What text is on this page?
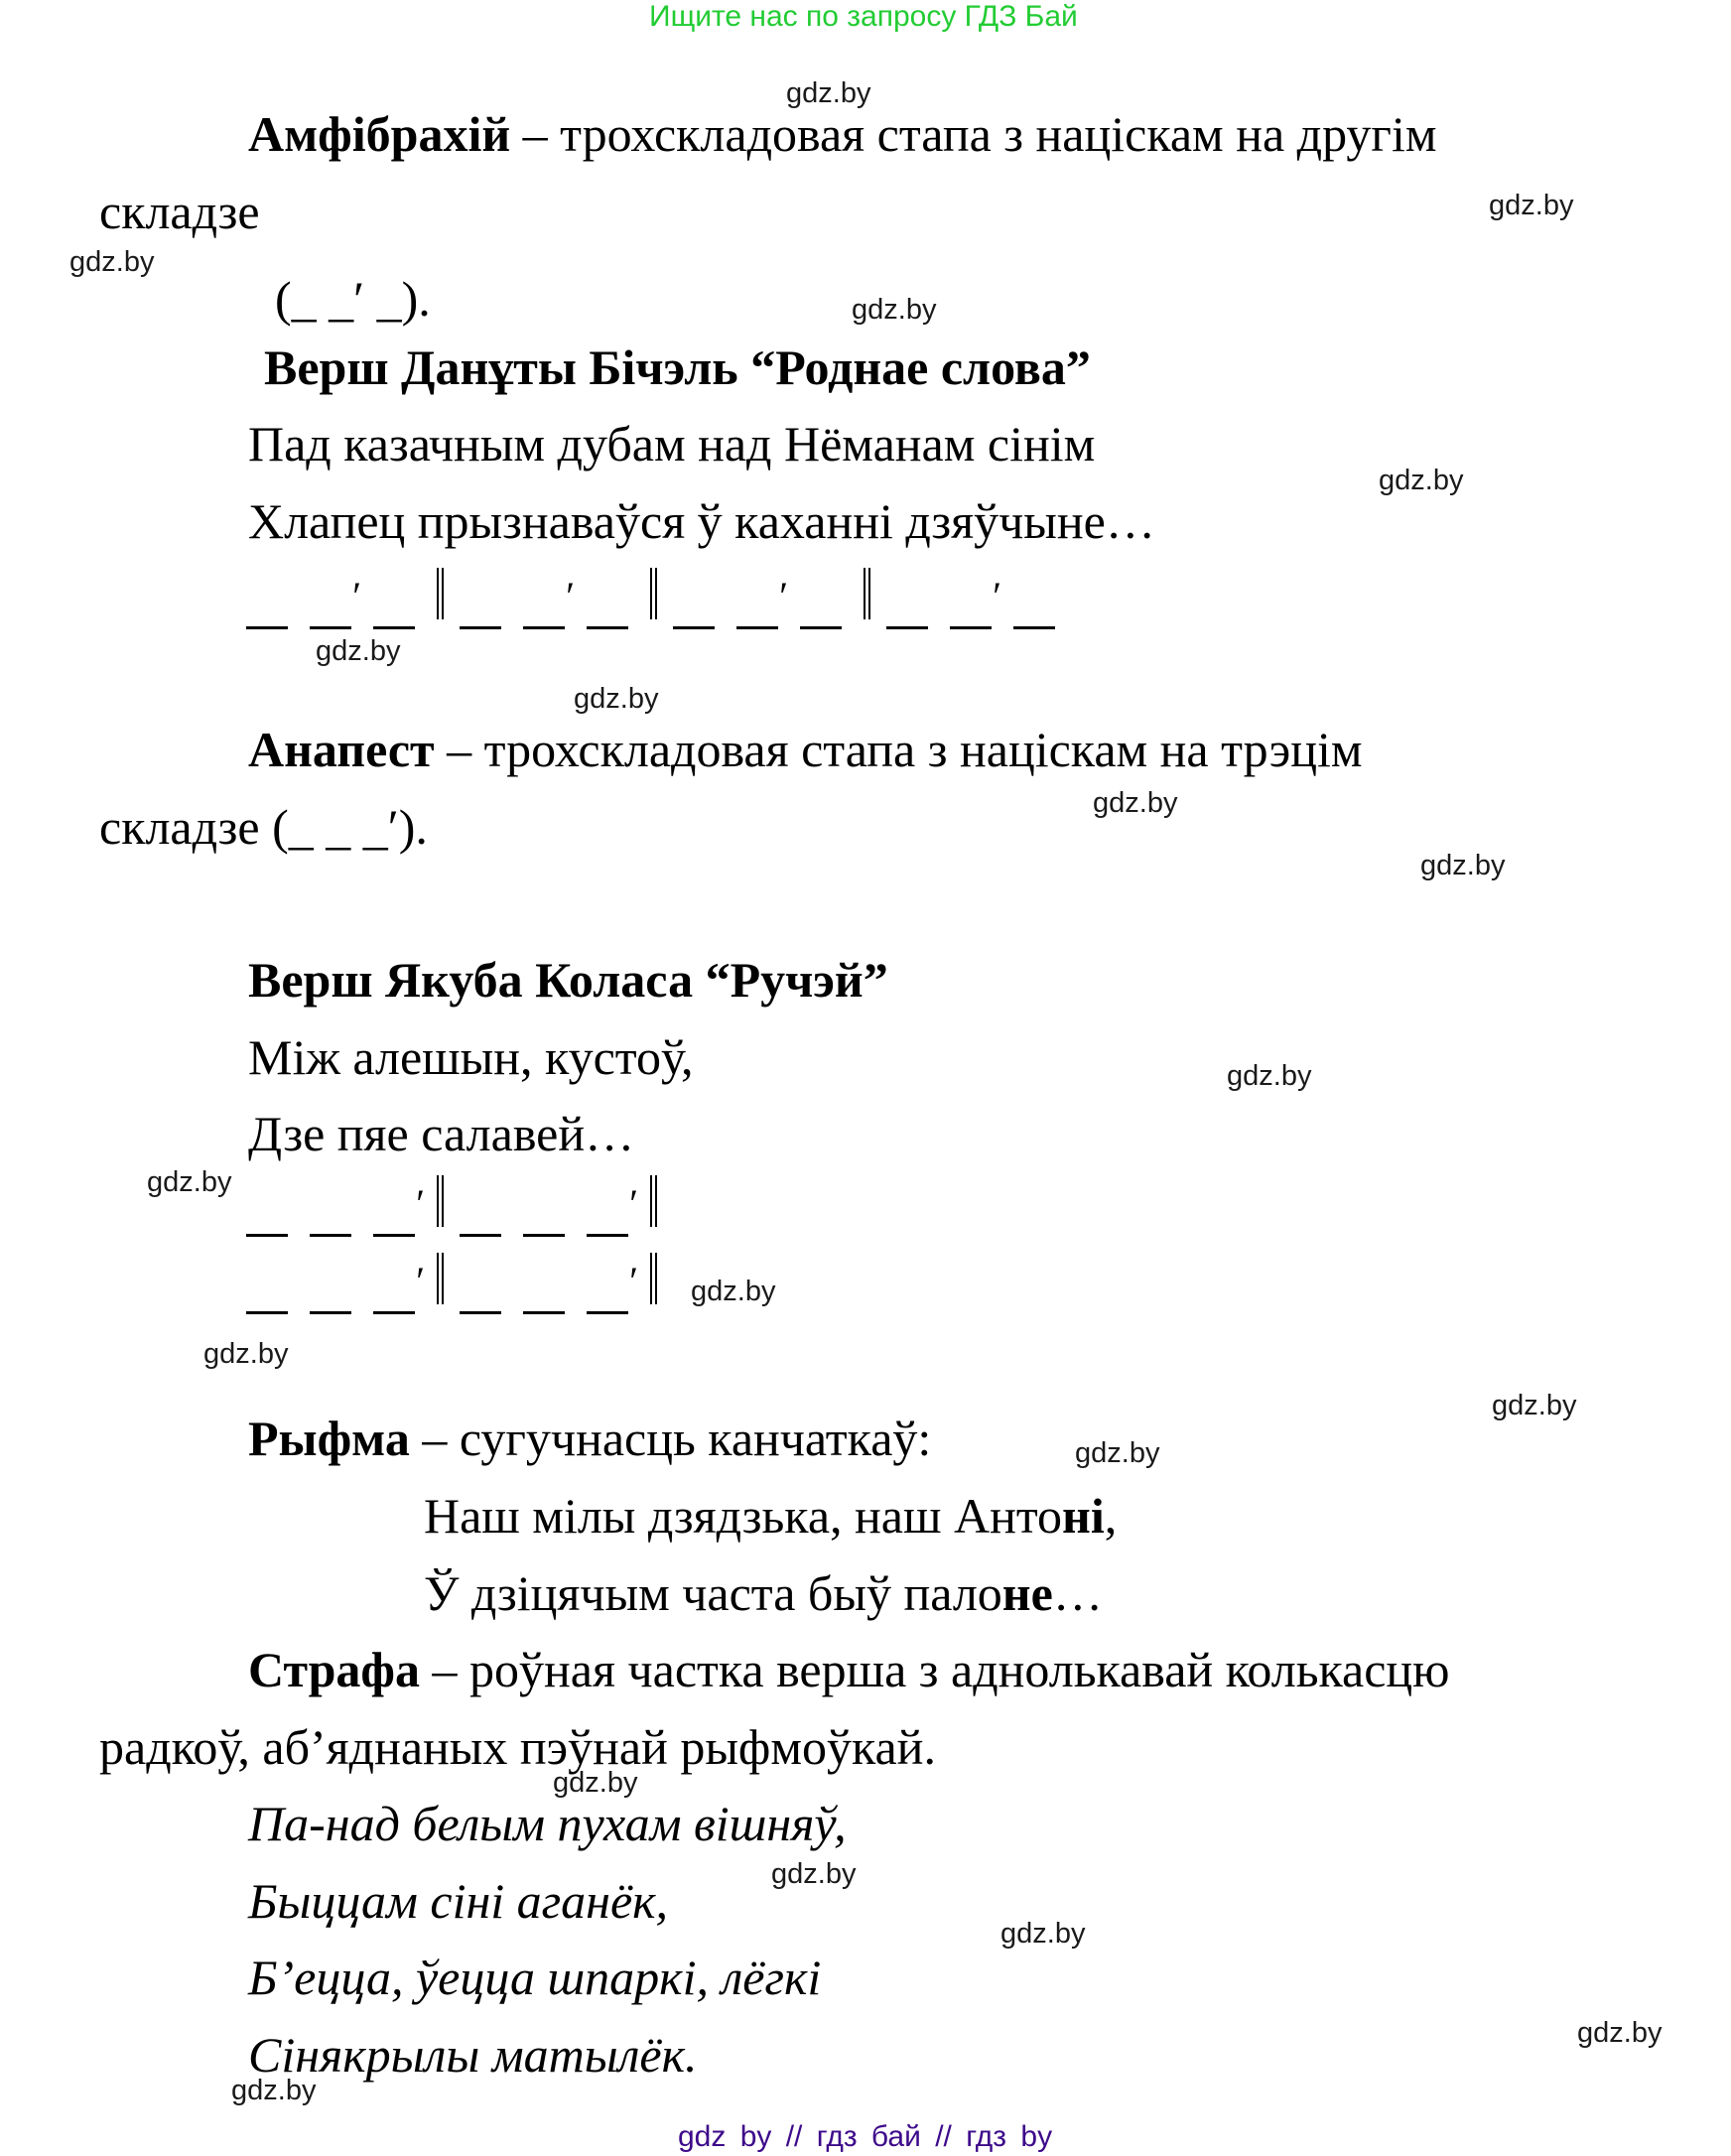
Ищите нас по запросу ГДЗ Бай
gdz.by
gdz.by
gdz.by
gdz.by
gdz.by
gdz.by
gdz.by
gdz.by
gdz.by
gdz.by
gdz.by
gdz.by
gdz.by
gdz.by
gdz.by
gdz.by
gdz.by
gdz.by
gdz.by
gdz.by
Амфібрахій – трохскладовая стапа з націскам на другім
складзе
(_ _′ _).
Верш Данұты Бічэль “Роднае слова”
Пад казачным дубам над Нёманам сінім
Хлапец прызнаваўся ў каханні дзяўчыне…
′′′′
Анапест – трохскладовая стапа з націскам на трэцім
складзе (_ _ _′).
Верш Якуба Коласа “Ручэй”
Між алешын, кустоў,
Дзе пяе салавей…
′′
′′
Рыфма – сугучнасць канчаткаў:
Наш мілы дзядзька, наш Антоні,
Ў дзіцячым часта быў палоне…
Страфа – роўная частка верша з аднолькавай колькасцю
радкоў, аб’яднаных пэўнай рыфмоўкай.
Па-над белым пухам вішняў,
Быццам сіні аганёк,
Б’ецца, ўецца шпаркі, лёгкі
Сінякрылы матылёк.
gdz by // гдз бай // гдз by
